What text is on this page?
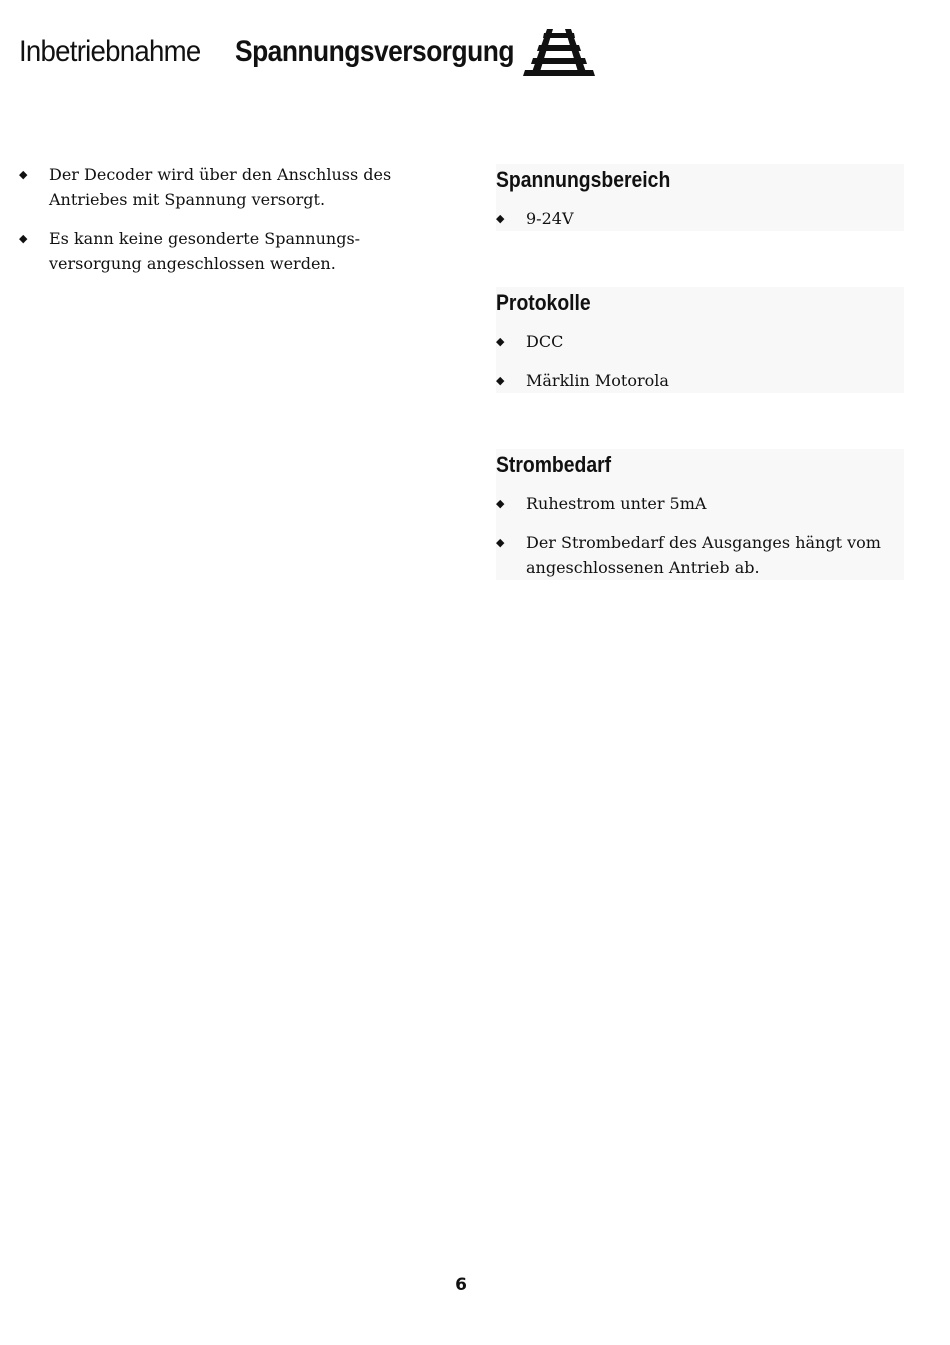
Inbetriebnahme Spannungsversorgung
◆ Der Decoder wird über den Anschluss des Antriebes mit Spannung versorgt.
◆ Es kann keine gesonderte Spannungs-versorgung angeschlossen werden.
Spannungsbereich
◆ 9-24V
Protokolle
◆ DCC
◆ Märklin Motorola
Strombedarf
◆ Ruhestrom unter 5mA
◆ Der Strombedarf des Ausganges hängt vom angeschlossenen Antrieb ab.
6
